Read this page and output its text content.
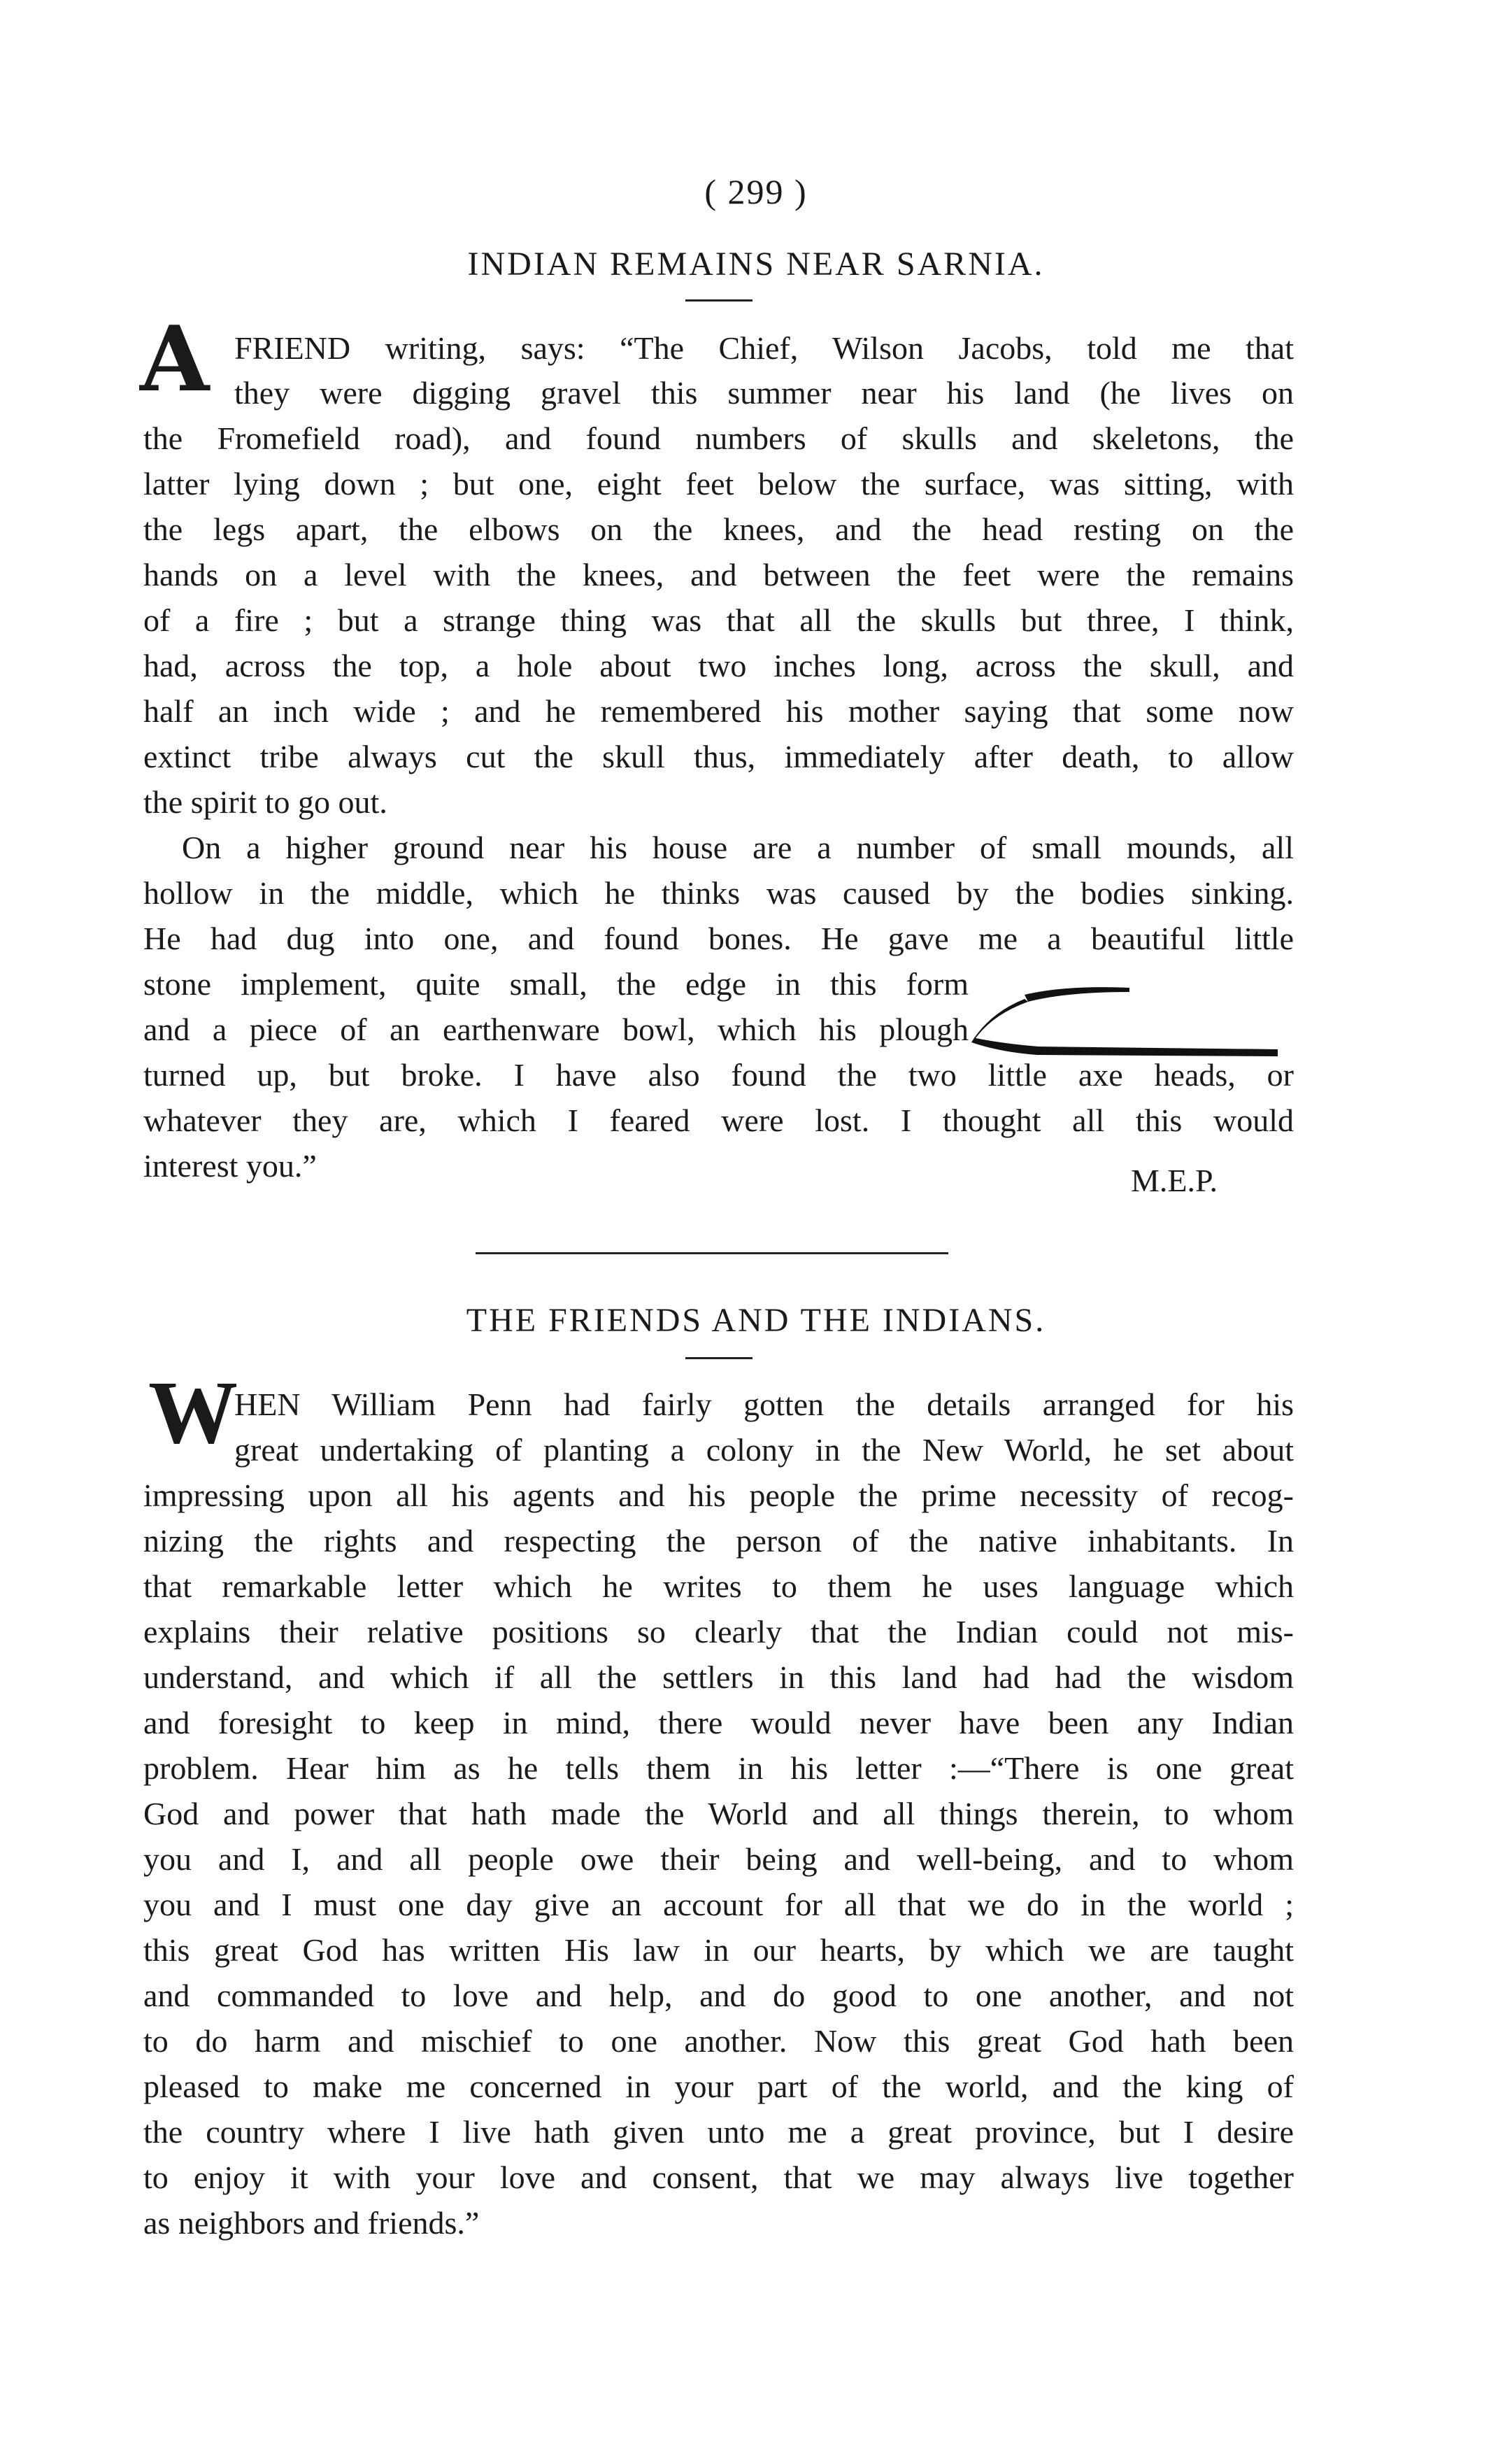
( 299 )
INDIAN REMAINS NEAR SARNIA.
A FRIEND writing, says: “The Chief, Wilson Jacobs, told me that
they were digging gravel this summer near his land (he lives on
the Fromefield road), and found numbers of skulls and skeletons, the
latter lying down ; but one, eight feet below the surface, was sitting, with
the legs apart, the elbows on the knees, and the head resting on the
hands on a level with the knees, and between the feet were the remains
of a fire ; but a strange thing was that all the skulls but three, I think,
had, across the top, a hole about two inches long, across the skull, and
half an inch wide ; and he remembered his mother saying that some now
extinct tribe always cut the skull thus, immediately after death, to allow
the spirit to go out.
On a higher ground near his house are a number of small mounds, all
hollow in the middle, which he thinks was caused by the bodies sinking.
He had dug into one, and found bones. He gave me a beautiful little
stone implement, quite small, the edge in this form
and a piece of an earthenware bowl, which his plough
turned up, but broke. I have also found the two little axe heads, or
whatever they are, which I feared were lost. I thought all this would
interest you.”	M.E.P.
THE FRIENDS AND THE INDIANS.
W
HEN William Penn had fairly gotten the details arranged for his
great undertaking of planting a colony in the New World, he set about
impressing upon all his agents and his people the prime necessity of recog-
nizing the rights and respecting the person of the native inhabitants. In
that remarkable letter which he writes to them he uses language which
explains their relative positions so clearly that the Indian could not mis-
understand, and which if all the settlers in this land had had the wisdom
and foresight to keep in mind, there would never have been any Indian
problem. Hear him as he tells them in his letter :—“There is one great
God and power that hath made the World and all things therein, to whom
you and I, and all people owe their being and well-being, and to whom
you and I must one day give an account for all that we do in the world ;
this great God has written His law in our hearts, by which we are taught
and commanded to love and help, and do good to one another, and not
to do harm and mischief to one another. Now this great God hath been
pleased to make me concerned in your part of the world, and the king of
the country where I live hath given unto me a great province, but I desire
to enjoy it with your love and consent, that we may always live together
as neighbors and friends.”
